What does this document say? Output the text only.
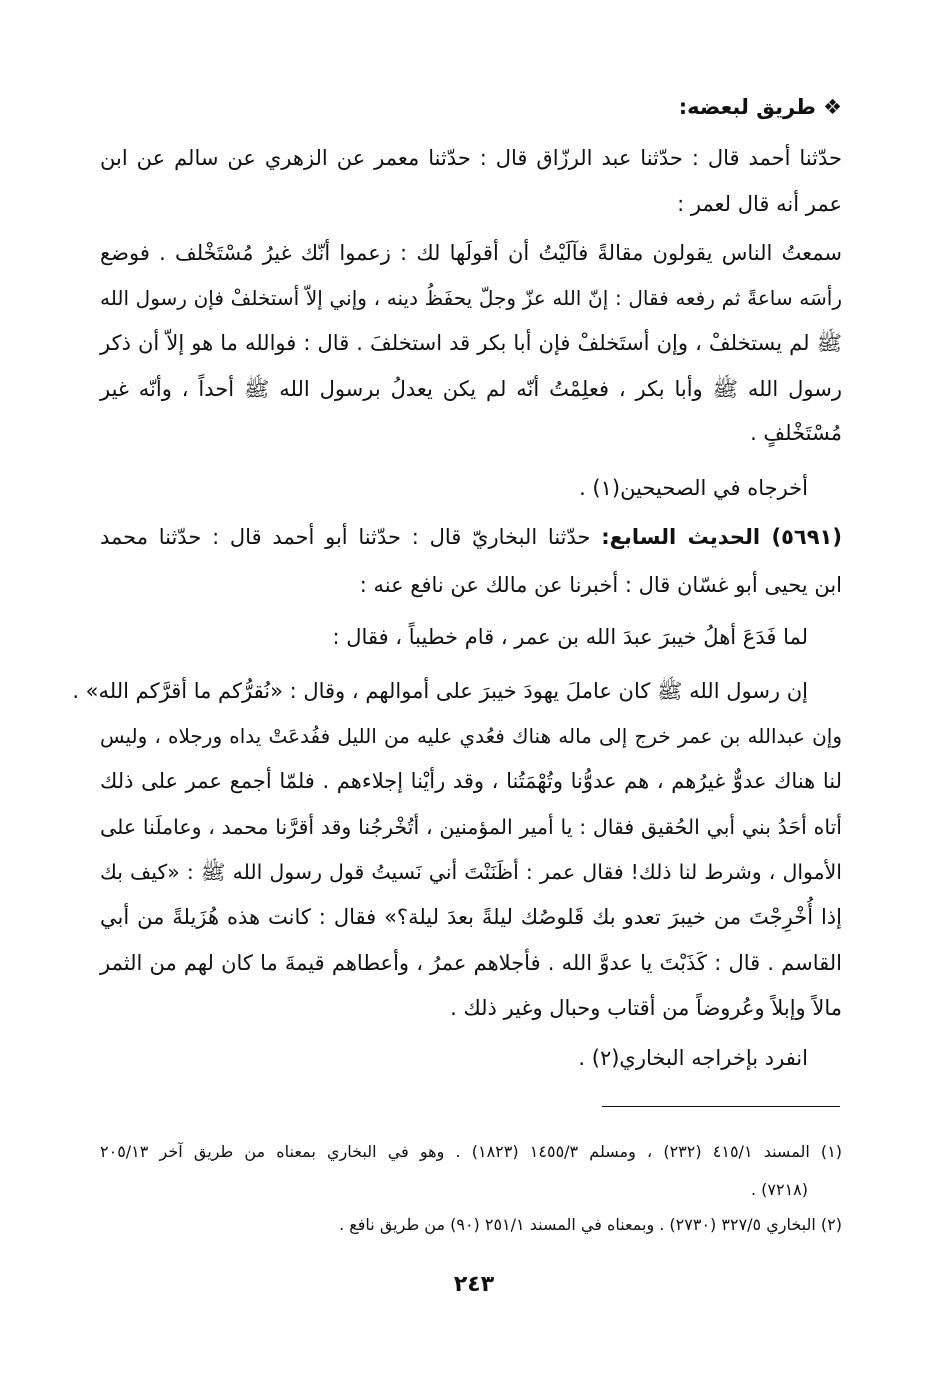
❖ طريق لبعضه:
حدّثنا أحمد قال : حدّثنا عبد الرزّاق قال : حدّثنا معمر عن الزهري عن سالم عن ابن
عمر أنه قال لعمر :
سمعتُ الناس يقولون مقالةً فآلَيْتُ أن أقولَها لك : زعموا أنّك غيرُ مُسْتَخْلف . فوضع
رأسَه ساعةً ثم رفعه فقال : إنّ الله عزّ وجلّ يحفَظُ دينه ، وإني إلاّ أستخلفْ فإن رسول الله
ﷺ لم يستخلفْ ، وإن أستَخلفْ فإن أبا بكر قد استخلفَ . قال : فوالله ما هو إلاّ أن ذكر
رسول الله ﷺ وأبا بكر ، فعلِمْتُ أنّه لم يكن يعدلُ برسول الله ﷺ أحداً ، وأنّه غير
مُسْتَخْلفٍ .
أخرجاه في الصحيحين(١) .
(٥٦٩١) الحديث السابع: حدّثنا البخاريّ قال : حدّثنا أبو أحمد قال : حدّثنا محمد
ابن يحيى أبو غسّان قال : أخبرنا عن مالك عن نافع عنه :
لما فَدَعَ أهلُ خيبرَ عبدَ الله بن عمر ، قام خطيباً ، فقال :
إن رسول الله ﷺ كان عاملَ يهودَ خيبرَ على أموالهم ، وقال : «نُقرُّكم ما أقرَّكم الله» .
وإن عبدالله بن عمر خرج إلى ماله هناك فعُدي عليه من الليل ففُدعَتْ يداه ورجلاه ، وليس
لنا هناك عدوٌّ غيرُهم ، هم عدوُّنا وتُهْمَتُنا ، وقد رأيْنا إجلاءهم . فلمّا أجمع عمر على ذلك
أتاه أحَدُ بني أبي الحُقيق فقال : يا أمير المؤمنين ، أتُخْرجُنا وقد أقرَّنا محمد ، وعاملَنا على
الأموال ، وشرط لنا ذلك! فقال عمر : أظَنَنْتَ أني نَسيتُ قول رسول الله ﷺ : «كيف بك
إذا أُخْرِجْتَ من خيبرَ تعدو بك قَلوصُك ليلةً بعدَ ليلة؟» فقال : كانت هذه هُزَيلةً من أبي
القاسم . قال : كَذَبْتَ يا عدوَّ الله . فأجلاهم عمرُ ، وأعطاهم قيمةَ ما كان لهم من الثمر
مالاً وإبلاً وعُروضاً من أقتاب وحبال وغير ذلك .
انفرد بإخراجه البخاري(٢) .
(١) المسند ٤١٥/١ (٢٣٢) ، ومسلم ١٤٥٥/٣ (١٨٢٣) . وهو في البخاري بمعناه من طريق آخر ٢٠٥/١٣
(٧٢١٨) .
(٢) البخاري ٣٢٧/٥ (٢٧٣٠) . وبمعناه في المسند ٢٥١/١ (٩٠) من طريق نافع .
٢٤٣
